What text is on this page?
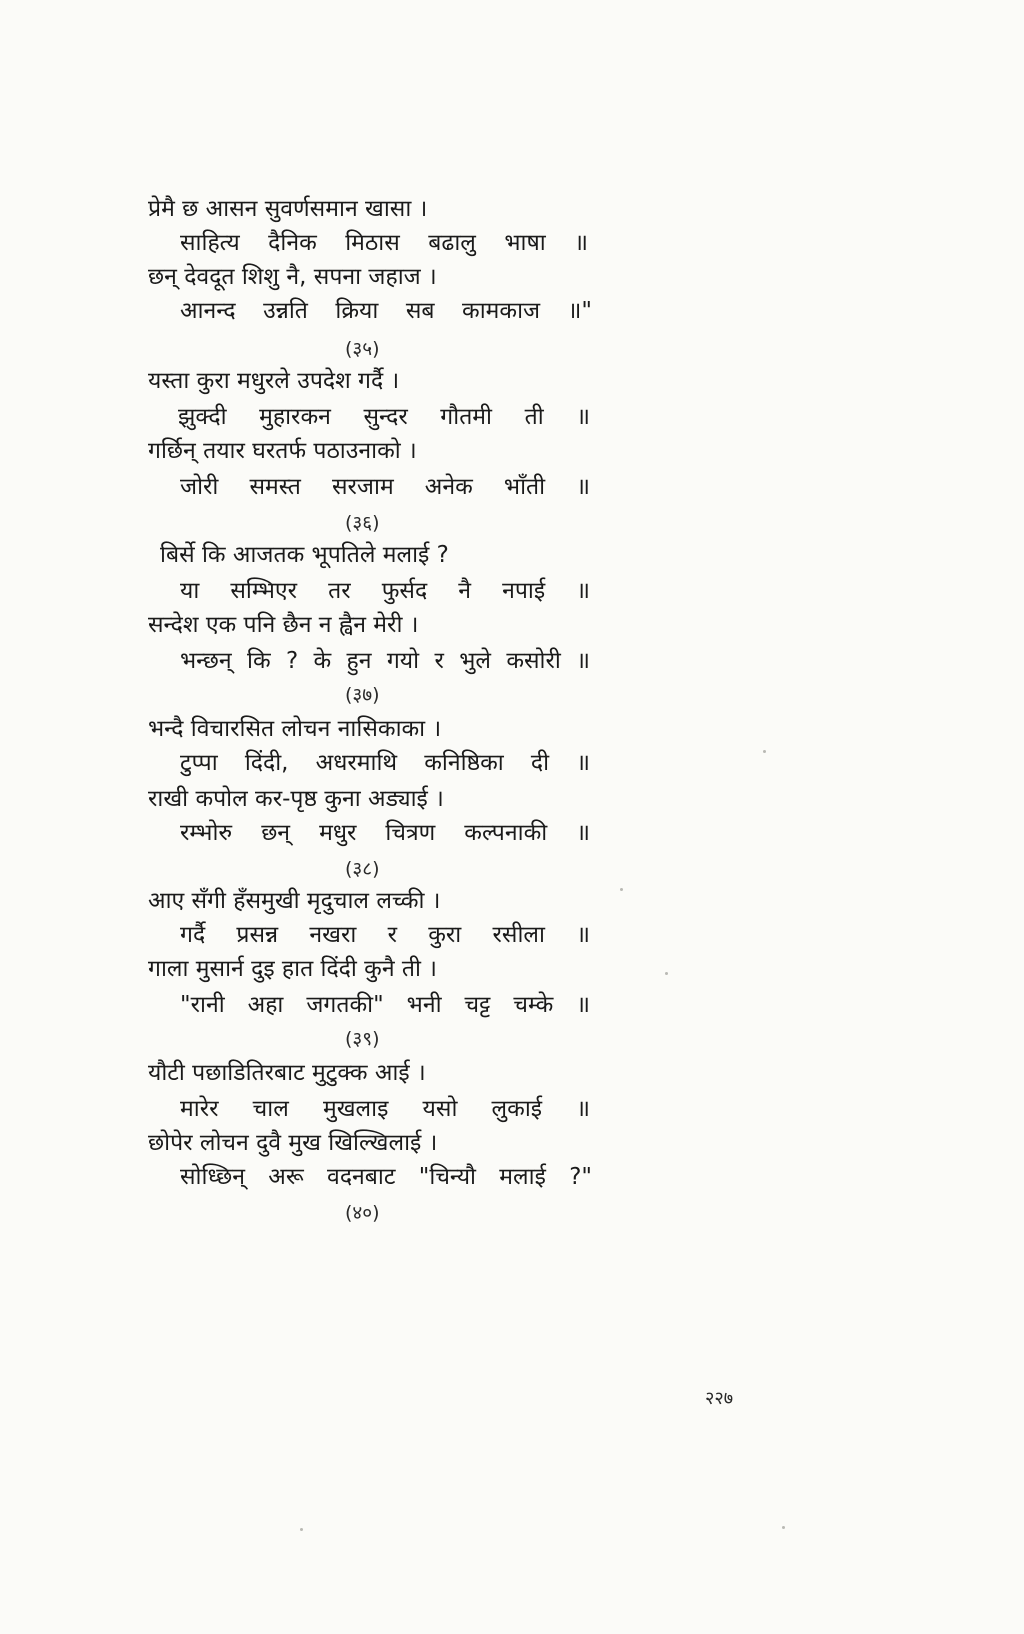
प्रेमै छ आसन सुवर्णसमान खासा ।
साहित्य दैनिक मिठास बढालु भाषा ॥
छन् देवदूत शिशु नै, सपना जहाज ।
आनन्द उन्नति क्रिया सब कामकाज ॥"
(३५)
यस्ता कुरा मधुरले उपदेश गर्दै ।
झुक्दी मुहारकन सुन्दर गौतमी ती ॥
गर्छिन् तयार घरतर्फ पठाउनाको ।
जोरी समस्त सरजाम अनेक भाँती ॥
(३६)
बिर्से कि आजतक भूपतिले मलाई ?
या सम्भिएर तर फुर्सद नै नपाई ॥
सन्देश एक पनि छैन न ह्वैन मेरी ।
भन्छन् कि ? के हुन गयो र भुले कसोरी ॥
(३७)
भन्दै विचारसित लोचन नासिकाका ।
टुप्पा दिंदी, अधरमाथि कनिष्ठिका दी ॥
राखी कपोल कर-पृष्ठ कुना अड्याई ।
रम्भोरु छन् मधुर चित्रण कल्पनाकी ॥
(३८)
आए सँगी हँसमुखी मृदुचाल लच्की ।
गर्दै प्रसन्न नखरा र कुरा रसीला ॥
गाला मुसार्न दुइ हात दिंदी कुनै ती ।
"रानी अहा जगतकी" भनी चट्ट चम्के ॥
(३९)
यौटी पछाडितिरबाट मुटुक्क आई ।
मारेर चाल मुखलाइ यसो लुकाई ॥
छोपेर लोचन दुवै मुख खिल्खिलाई ।
सोध्छिन् अरू वदनबाट "चिन्यौ मलाई ?"
(४०)
२२७
